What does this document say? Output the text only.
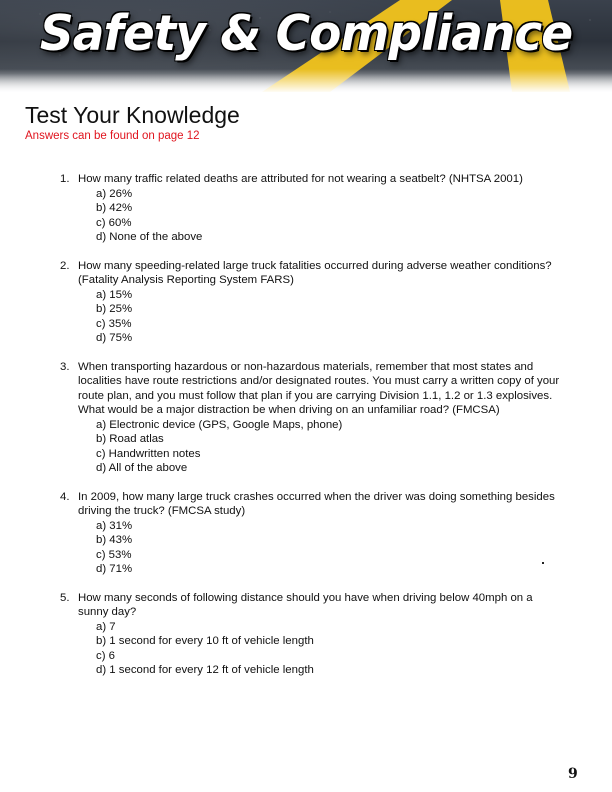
Safety & Compliance
Test Your Knowledge
Answers can be found on page 12
1. How many traffic related deaths are attributed for not wearing a seatbelt? (NHTSA 2001)
a) 26%
b) 42%
c) 60%
d) None of the above
2. How many speeding-related large truck fatalities occurred during adverse weather conditions? (Fatality Analysis Reporting System FARS)
a) 15%
b) 25%
c) 35%
d) 75%
3. When transporting hazardous or non-hazardous materials, remember that most states and localities have route restrictions and/or designated routes. You must carry a written copy of your route plan, and you must follow that plan if you are carrying Division 1.1, 1.2 or 1.3 explosives. What would be a major distraction be when driving on an unfamiliar road? (FMCSA)
a) Electronic device (GPS, Google Maps, phone)
b) Road atlas
c) Handwritten notes
d) All of the above
4. In 2009, how many large truck crashes occurred when the driver was doing something besides driving the truck? (FMCSA study)
a) 31%
b) 43%
c) 53%
d) 71%
5. How many seconds of following distance should you have when driving below 40mph on a sunny day?
a) 7
b) 1 second for every 10 ft of vehicle length
c) 6
d) 1 second for every 12 ft of vehicle length
9
